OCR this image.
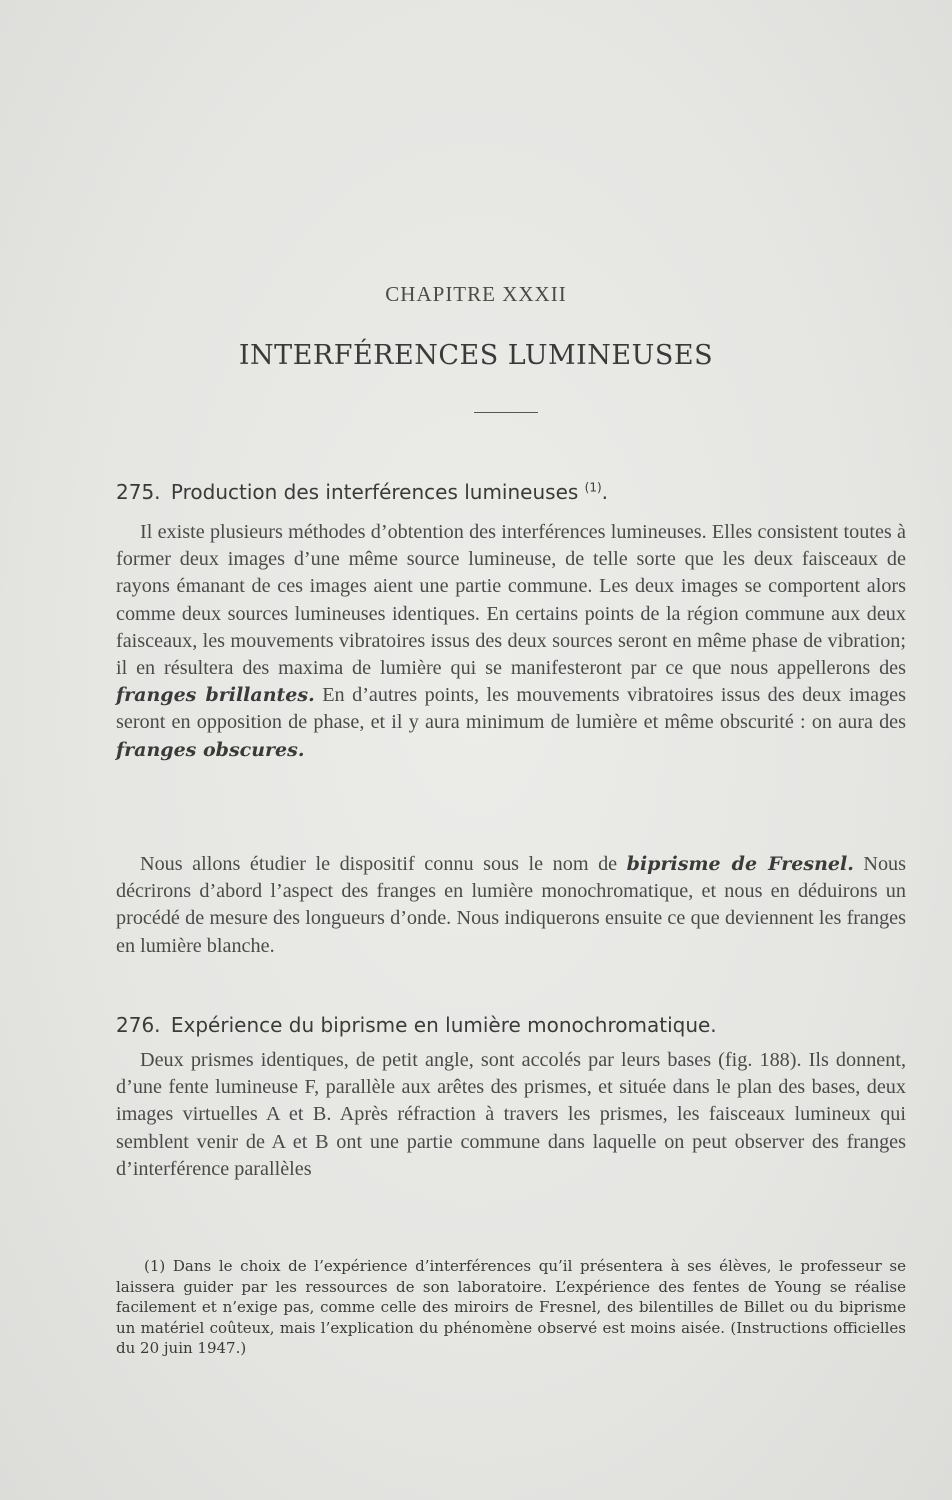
CHAPITRE XXXII
INTERFÉRENCES LUMINEUSES
275. Production des interférences lumineuses $^{(1)}$.

Il existe plusieurs méthodes d’obtention des interférences lumineuses. Elles consistent toutes à former deux images d’une même source lumineuse, de telle sorte que les deux faisceaux de rayons émanant de ces images aient une partie commune. Les deux images se comportent alors comme deux sources lumineuses identiques. En certains points de la région commune aux deux faisceaux, les mouvements vibratoires issus des deux sources seront en même phase de vibration; il en résultera des maxima de lumière qui se manifesteront par ce que nous appellerons des franges brillantes. En d’autres points, les mouvements vibratoires issus des deux images seront en opposition de phase, et il y aura minimum de lumière et même obscurité : on aura des franges obscures.

Nous allons étudier le dispositif connu sous le nom de biprisme de Fresnel. Nous décrirons d’abord l’aspect des franges en lumière monochromatique, et nous en déduirons un procédé de mesure des longueurs d’onde. Nous indiquerons ensuite ce que deviennent les franges en lumière blanche.

276. Expérience du biprisme en lumière monochromatique.

Deux prismes identiques, de petit angle, sont accolés par leurs bases (fig. 188). Ils donnent, d’une fente lumineuse F, parallèle aux arêtes des prismes, et située dans le plan des bases, deux images virtuelles A et B. Après réfraction à travers les prismes, les faisceaux lumineux qui semblent venir de A et B ont une partie commune dans laquelle on peut observer des franges d’interférence parallèles

(1) Dans le choix de l’expérience d’interférences qu’il présentera à ses élèves, le professeur se laissera guider par les ressources de son laboratoire. L’expérience des fentes de Young se réalise facilement et n’exige pas, comme celle des miroirs de Fresnel, des bilentilles de Billet ou du biprisme un matériel coûteux, mais l’explication du phénomène observé est moins aisée. (Instructions officielles du 20 juin 1947.)
